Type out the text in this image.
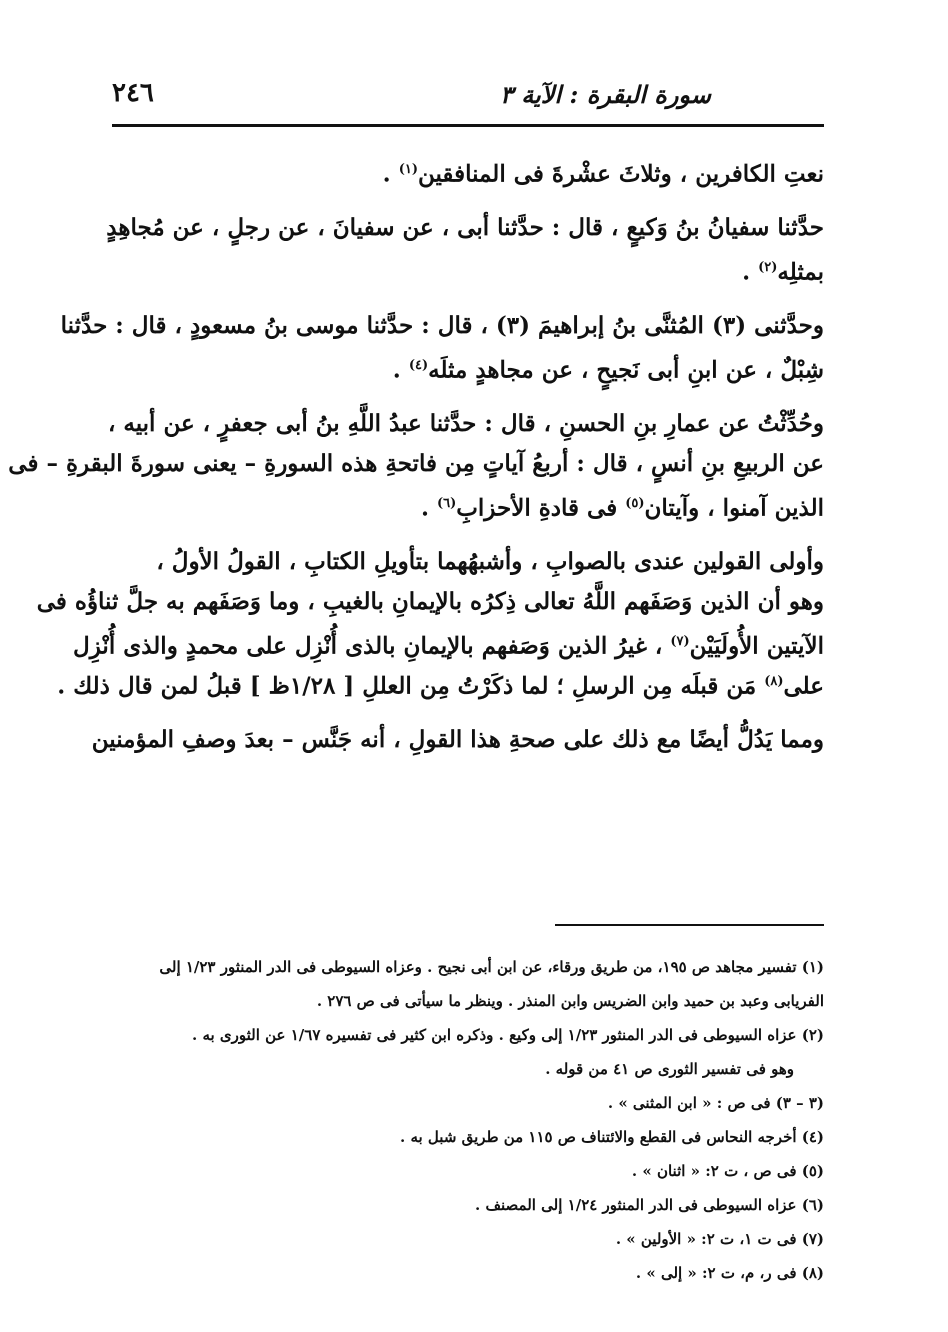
٢٤٦	سورة البقرة : الآية ٣
نعتِ الكافرين ، وثلاثَ عشْرةَ فى المنافقين$^{(١)}$ .
حدَّثنا سفيانُ بنُ وَكيعٍ ، قال : حدَّثنا أبى ، عن سفيانَ ، عن رجلٍ ، عن مُجاهِدٍ
بمثلِه$^{(٢)}$ .
وحدَّثنى (٣) المُثنَّى بنُ إبراهيمَ (٣) ، قال : حدَّثنا موسى بنُ مسعودٍ ، قال : حدَّثنا
شِبْلٌ ، عن ابنِ أبى نَجيحٍ ، عن مجاهدٍ مثلَه$^{(٤)}$ .
وحُدِّثْتُ عن عمارِ بنِ الحسنِ ، قال : حدَّثنا عبدُ اللَّهِ بنُ أبى جعفرٍ ، عن أبيه ،
عن الربيعِ بنِ أنسٍ ، قال : أربعُ آياتٍ مِن فاتحةِ هذه السورةِ – يعنى سورةَ البقرةِ – فى
الذين آمنوا ، وآيتان$^{(٥)}$ فى قادةِ الأحزابِ$^{(٦)}$ .
وأولى القولين عندى بالصوابِ ، وأشبهُهما بتأويلِ الكتابِ ، القولُ الأولُ ،
وهو أن الذين وَصَفَهم اللَّهُ تعالى ذِكرُه بالإيمانِ بالغيبِ ، وما وَصَفَهم به جلَّ ثناؤُه فى
الآيتين الأُولَيَيْن$^{(٧)}$ ، غيرُ الذين وَصَفهم بالإيمانِ بالذى أُنْزِل على محمدٍ والذى أُنْزِل
على$^{(٨)}$ مَن قبلَه مِن الرسلِ ؛ لما ذكَرْتُ مِن العللِ [ ١/٢٨ظ ] قبلُ لمن قال ذلك .
ومما يَدُلُّ أيضًا مع ذلك على صحةِ هذا القولِ ، أنه جَنَّس – بعدَ وصفِ المؤمنين
(١) تفسير مجاهد ص ١٩٥، من طريق ورقاء، عن ابن أبى نجيح . وعزاه السيوطى فى الدر المنثور ١/٢٣ إلى
الفريابى وعبد بن حميد وابن الضريس وابن المنذر . وينظر ما سيأتى فى ص ٢٧٦ .
(٢) عزاه السيوطى فى الدر المنثور ١/٢٣ إلى وكيع . وذكره ابن كثير فى تفسيره ١/٦٧ عن الثورى به .
وهو فى تفسير الثورى ص ٤١ من قوله .
(٣ – ٣) فى ص : « ابن المثنى » .
(٤) أخرجه النحاس فى القطع والائتناف ص ١١٥ من طريق شبل به .
(٥) فى ص ، ت ٢: « اثنان » .
(٦) عزاه السيوطى فى الدر المنثور ١/٢٤ إلى المصنف .
(٧) فى ت ١، ت ٢: « الأولين » .
(٨) فى ر، م، ت ٢: « إلى » .
